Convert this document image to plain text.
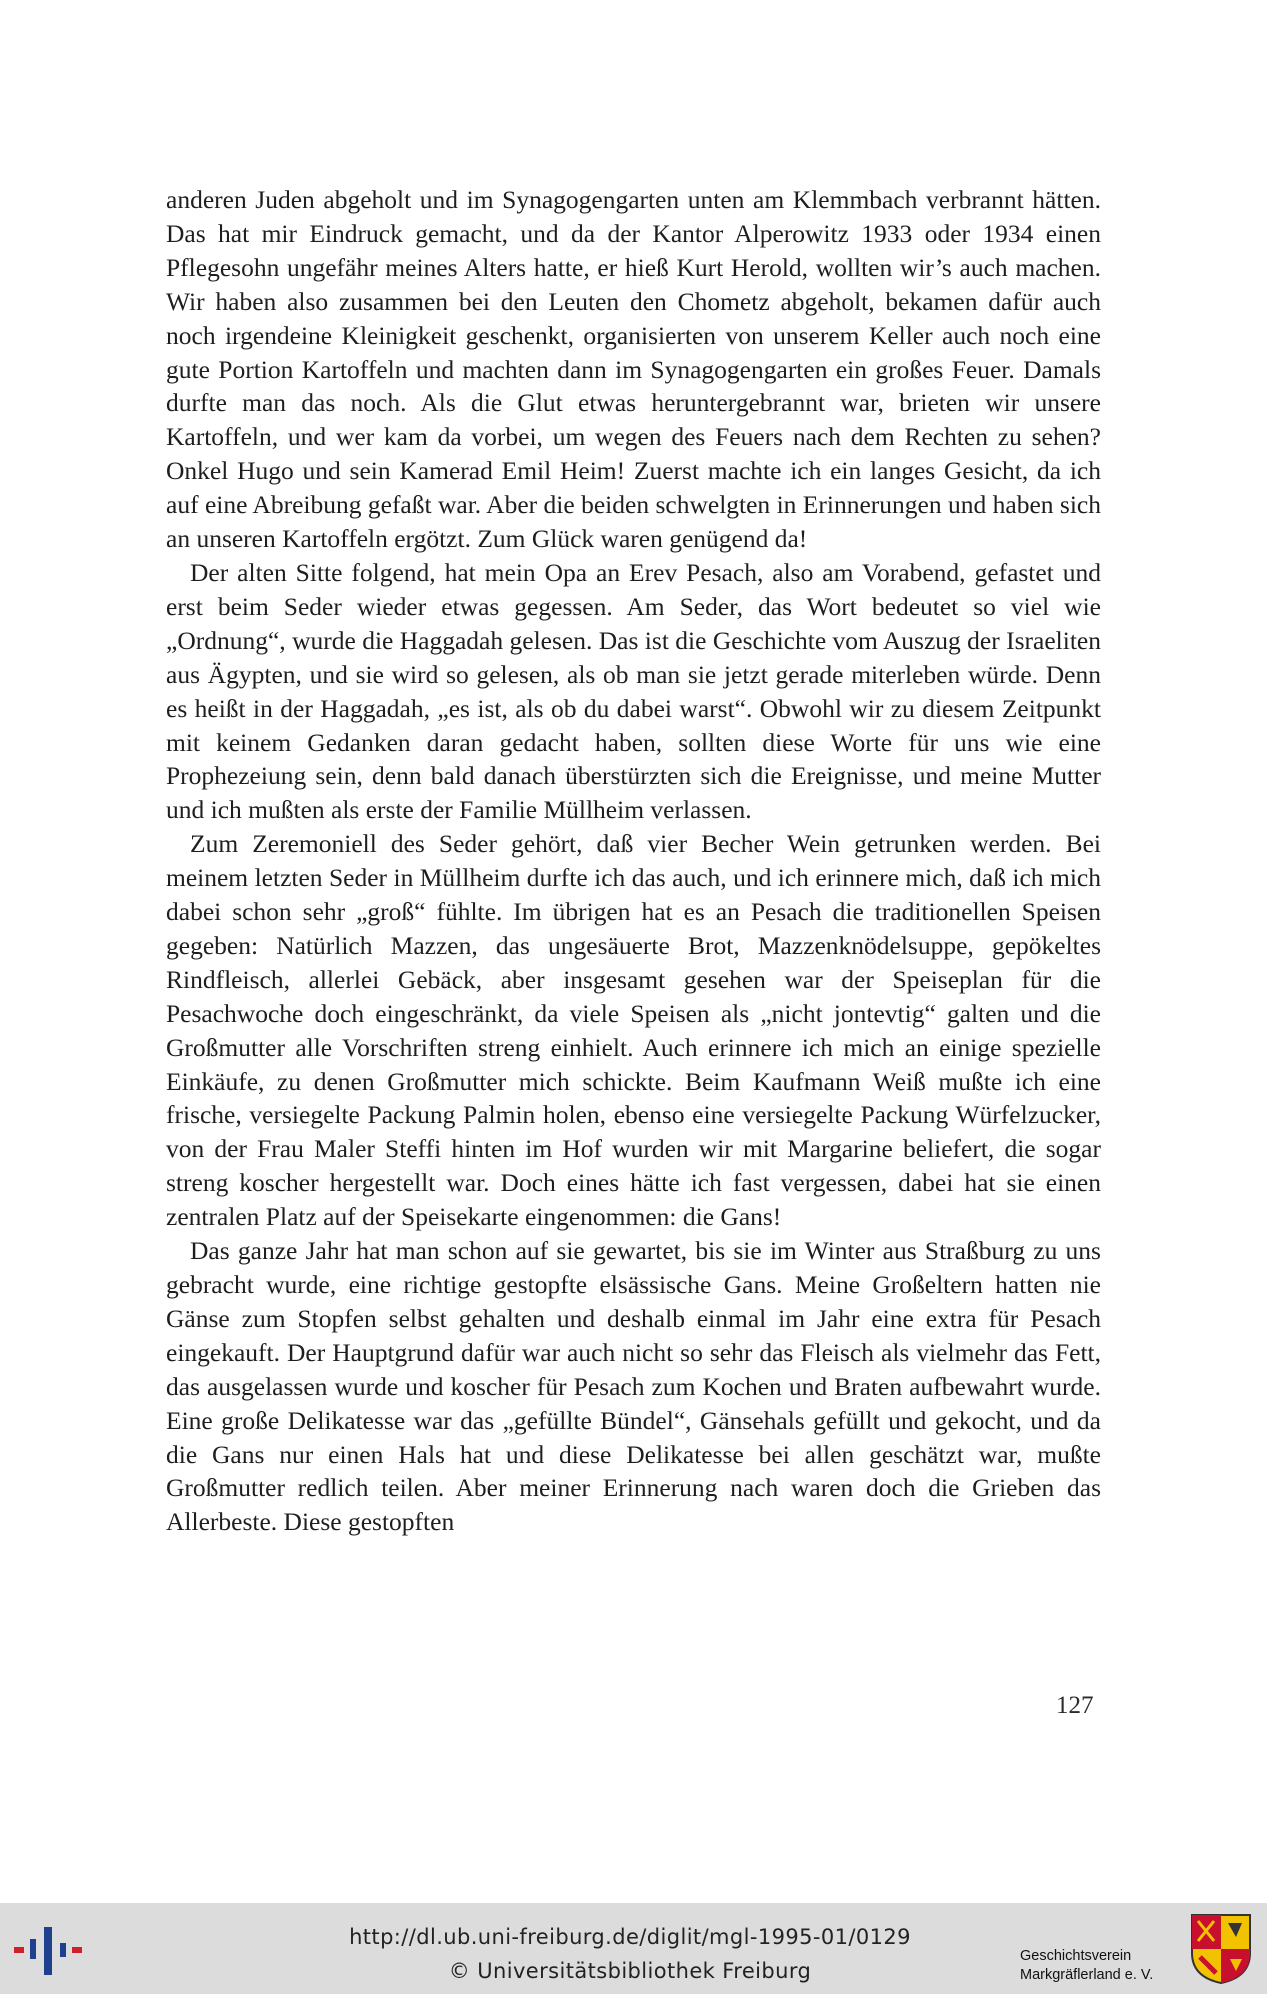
anderen Juden abgeholt und im Synagogengarten unten am Klemmbach verbrannt hätten. Das hat mir Eindruck gemacht, und da der Kantor Alperowitz 1933 oder 1934 einen Pflegesohn ungefähr meines Alters hatte, er hieß Kurt Herold, wollten wir’s auch machen. Wir haben also zusammen bei den Leuten den Chometz abgeholt, bekamen dafür auch noch irgendeine Kleinigkeit geschenkt, organisierten von unserem Keller auch noch eine gute Portion Kartoffeln und machten dann im Synagogengarten ein großes Feuer. Damals durfte man das noch. Als die Glut etwas heruntergebrannt war, brieten wir unsere Kartoffeln, und wer kam da vorbei, um wegen des Feuers nach dem Rechten zu sehen? Onkel Hugo und sein Kamerad Emil Heim! Zuerst machte ich ein langes Gesicht, da ich auf eine Abreibung gefaßt war. Aber die beiden schwelgten in Erinnerungen und haben sich an unseren Kartoffeln ergötzt. Zum Glück waren genügend da!

Der alten Sitte folgend, hat mein Opa an Erev Pesach, also am Vorabend, gefastet und erst beim Seder wieder etwas gegessen. Am Seder, das Wort bedeutet so viel wie „Ordnung“, wurde die Haggadah gelesen. Das ist die Geschichte vom Auszug der Israeliten aus Ägypten, und sie wird so gelesen, als ob man sie jetzt gerade miterleben würde. Denn es heißt in der Haggadah, „es ist, als ob du dabei warst“. Obwohl wir zu diesem Zeitpunkt mit keinem Gedanken daran gedacht haben, sollten diese Worte für uns wie eine Prophezeiung sein, denn bald danach überstürzten sich die Ereignisse, und meine Mutter und ich mußten als erste der Familie Müllheim verlassen.

Zum Zeremoniell des Seder gehört, daß vier Becher Wein getrunken werden. Bei meinem letzten Seder in Müllheim durfte ich das auch, und ich erinnere mich, daß ich mich dabei schon sehr „groß“ fühlte. Im übrigen hat es an Pesach die traditionellen Speisen gegeben: Natürlich Mazzen, das ungesäuerte Brot, Mazzenknödelsuppe, gepökeltes Rindfleisch, allerlei Gebäck, aber insgesamt gesehen war der Speiseplan für die Pesachwoche doch eingeschränkt, da viele Speisen als „nicht jontevtig“ galten und die Großmutter alle Vorschriften streng einhielt. Auch erinnere ich mich an einige spezielle Einkäufe, zu denen Großmutter mich schickte. Beim Kaufmann Weiß mußte ich eine frische, versiegelte Packung Palmin holen, ebenso eine versiegelte Packung Würfelzucker, von der Frau Maler Steffi hinten im Hof wurden wir mit Margarine beliefert, die sogar streng koscher hergestellt war. Doch eines hätte ich fast vergessen, dabei hat sie einen zentralen Platz auf der Speisekarte eingenommen: die Gans!

Das ganze Jahr hat man schon auf sie gewartet, bis sie im Winter aus Straßburg zu uns gebracht wurde, eine richtige gestopfte elsässische Gans. Meine Großeltern hatten nie Gänse zum Stopfen selbst gehalten und deshalb einmal im Jahr eine extra für Pesach eingekauft. Der Hauptgrund dafür war auch nicht so sehr das Fleisch als vielmehr das Fett, das ausgelassen wurde und koscher für Pesach zum Kochen und Braten aufbewahrt wurde. Eine große Delikatesse war das „gefüllte Bündel“, Gänsehals gefüllt und gekocht, und da die Gans nur einen Hals hat und diese Delikatesse bei allen geschätzt war, mußte Großmutter redlich teilen. Aber meiner Erinnerung nach waren doch die Grieben das Allerbeste. Diese gestopften

127
http://dl.ub.uni-freiburg.de/diglit/mgl-1995-01/0129
© Universitätsbibliothek Freiburg
Geschichtsverein
Markgräflerland e. V.
